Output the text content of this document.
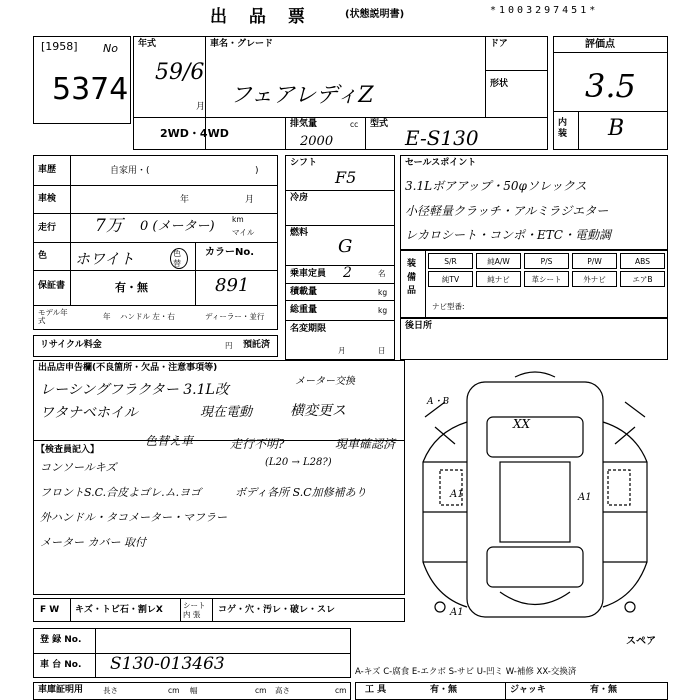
出 品 票	(状態説明書)	*1003297451*
[1958] No
5374
年式
59/6
月
車名・グレード
フェアレディZ
ドア
形状
2WD・4WD
排気量	cc
2000
型式
E-S130
評価点
3.5
内装 B
車歴	自家用・(	)
車検	年	月
走行 7万 0 (メーター) km
マイル
色 ホワイト	色替
カラーNo.
891
保証書	有・無
モデル年式	年 ハンドル 左・右	ディーラー・並行
リサイクル料金	円 預託済
シフト
F5
冷房
燃料
G
乗車定員 2	名
積載量	kg
総重量	kg
名変期限
月	日
セールスポイント
3.1Lボアアップ・50φソレックス
小径軽量クラッチ・アルミラジエター
レカロシート・コンポ・ETC・電動調
装備品
S/R	純A/W	P/S	P/W	ABS
純TV	純ナビ	革シート	外ナビ	エアB
ナビ型番:
後日所
出品店申告欄(不良箇所・欠品・注意事項等)
メーター交換
レーシングフラクター 3.1L改
ワタナベホイル	現在電動	横変更ス
【検査員記入】
色替え車	走行不明?	現車確認済
(L20 → L28?)
コンソールキズ
フロントS.C.合皮よゴレ.ム.ヨゴ	ボディ各所 S.C加修補あり
外ハンドル・タコメーター・マフラー
メーター カバー 取付
A・B
XX
A1	A1
A1
スペア
F W キズ・トビ石・割レX	シート 内 張	コゲ・穴・汚レ・破レ・スレ
登 録 No.
車 台 No. S130-013463
車庫証明用	長さ	cm 幅	cm 高さ	cm
A-キズ C-腐食 E-エクボ S-サビ U-凹ミ W-補修 XX-交換済
工 具	有・無	ジャッキ	有・無
